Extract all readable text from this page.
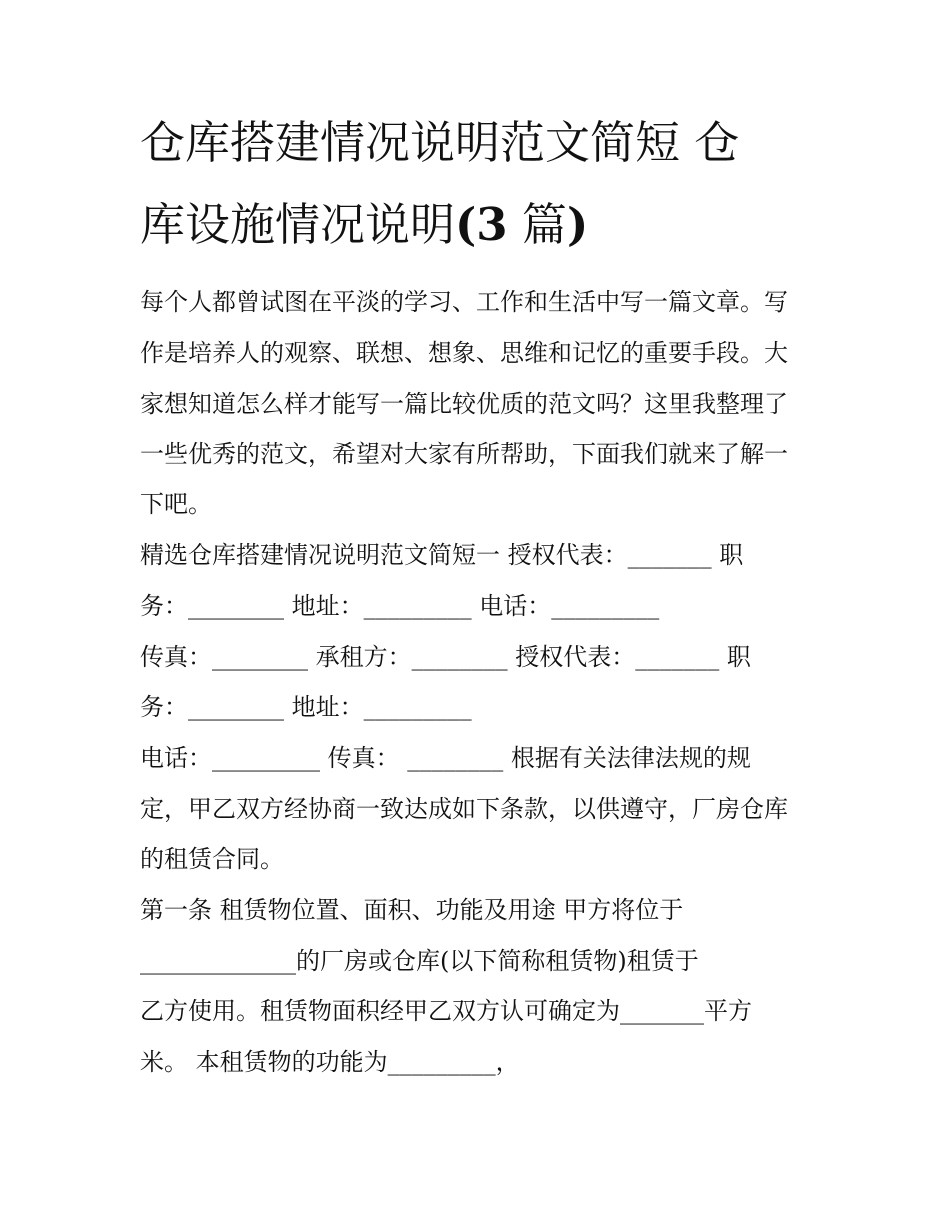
仓库搭建情况说明范文简短 仓
库设施情况说明(3 篇)
每个人都曾试图在平淡的学习、工作和生活中写一篇文章。写
作是培养人的观察、联想、想象、思维和记忆的重要手段。大
家想知道怎么样才能写一篇比较优质的范文吗？这里我整理了
一些优秀的范文，希望对大家有所帮助，下面我们就来了解一
下吧。
精选仓库搭建情况说明范文简短一 授权代表：_______ 职
务：________ 地址：_________ 电话：_________
传真：________ 承租方：________ 授权代表：_______ 职
务：________ 地址：_________
电话：_________ 传真： ________ 根据有关法律法规的规
定，甲乙双方经协商一致达成如下条款，以供遵守，厂房仓库
的租赁合同。
第一条 租赁物位置、面积、功能及用途 甲方将位于
_____________的厂房或仓库(以下简称租赁物)租赁于
乙方使用。租赁物面积经甲乙双方认可确定为_______平方
米。 本租赁物的功能为_________，
